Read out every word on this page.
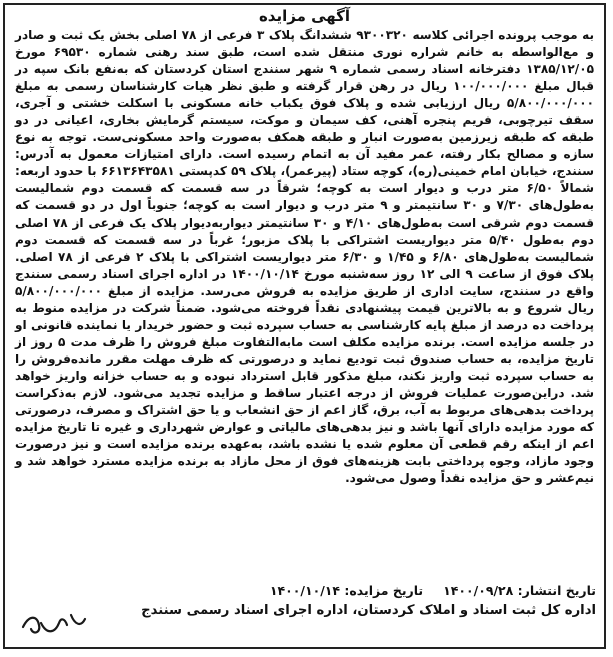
آگهی مزایده

به موجب پرونده اجرائی کلاسه ۹۳۰۰۳۲۰ ششدانگ پلاک ۳ فرعی از ۷۸ اصلی بخش یک ثبت و صادر و مع‌الواسطه به خانم شراره نوری منتقل شده است، طبق سند رهنی شماره ۶۹۵۳۰ مورخ ۱۳۸۵/۱۲/۰۵ دفترخانه اسناد رسمی شماره ۹ شهر سنندج استان کردستان که به‌نفع بانک سپه در قبال مبلغ ۱۰۰/۰۰۰/۰۰۰ ریال در رهن قرار گرفته و طبق نظر هیات کارشناسان رسمی به مبلغ ۵/۸۰۰/۰۰۰/۰۰۰ ریال ارزیابی شده و پلاک فوق یکباب خانه مسکونی با اسکلت خشتی و آجری، سقف تیرچوبی، فریم پنجره آهنی، کف سیمان و موکت، سیستم گرمایش بخاری، اعیانی در دو طبقه که طبقه زیرزمین به‌صورت انبار و طبقه همکف به‌صورت واحد مسکونی‌ست. توجه به نوع سازه و مصالح بکار رفته، عمر مفید آن به اتمام رسیده است. دارای امتیازات معمول به آدرس: سنندج، خیابان امام خمینی(ره)، کوچه ستاد (پیرعمر)، پلاک ۵۹ کدپستی ۶۶۱۳۶۴۳۵۸۱ با حدود اربعه: شمالاً ۶/۵۰ متر درب و دیوار است به کوچه؛ شرقاً در سه قسمت که قسمت دوم شمالیست به‌طول‌های ۷/۳۰ و ۳۰ سانتیمتر و ۹ متر درب و دیوار است به کوچه؛ جنوباً اول در دو قسمت که قسمت دوم شرقی است به‌طول‌های ۴/۱۰ و ۳۰ سانتیمتر دیواربه‌دیوار پلاک یک فرعی از ۷۸ اصلی دوم به‌طول ۵/۴۰ متر دیواریست اشتراکی با پلاک مزبور؛ غرباً در سه قسمت که قسمت دوم شمالیست به‌طول‌های ۶/۸۰ و ۱/۴۵ و ۶/۳۰ متر دیواریست اشتراکی با پلاک ۲ فرعی از ۷۸ اصلی. پلاک فوق از ساعت ۹ الی ۱۲ روز سه‌شنبه مورخ ۱۴۰۰/۱۰/۱۴ در اداره اجرای اسناد رسمی سنندج واقع در سنندج، سایت اداری از طریق مزایده به فروش می‌رسد. مزایده از مبلغ ۵/۸۰۰/۰۰۰/۰۰۰ ریال شروع و به بالاترین قیمت پیشنهادی نقداً فروخته می‌شود. ضمناً شرکت در مزایده منوط به پرداخت ده درصد از مبلغ پایه کارشناسی به حساب سپرده ثبت و حضور خریدار یا نماینده قانونی او در جلسه مزایده است. برنده مزایده مکلف است مابه‌التفاوت مبلغ فروش را ظرف مدت ۵ روز از تاریخ مزایده، به حساب صندوق ثبت تودیع نماید و درصورتی که ظرف مهلت مقرر مانده‌فروش را به حساب سپرده ثبت واریز نکند، مبلغ مذکور قابل استرداد نبوده و به حساب خزانه واریز خواهد شد. دراین‌صورت عملیات فروش از درجه اعتبار ساقط و مزایده تجدید می‌شود. لازم به‌ذکراست پرداخت بدهی‌های مربوط به آب، برق، گاز اعم از حق انشعاب و یا حق اشتراک و مصرف، درصورتی که مورد مزایده دارای آنها باشد و نیز بدهی‌های مالیاتی و عوارض شهرداری و غیره تا تاریخ مزایده اعم از اینکه رقم قطعی آن معلوم شده یا نشده باشد، به‌عهده برنده مزایده است و نیز درصورت وجود مازاد، وجوه پرداختی بابت هزینه‌های فوق از محل مازاد به برنده مزایده مسترد خواهد شد و نیم‌عشر و حق مزایده نقداً وصول می‌شود.

تاریخ انتشار: ۱۴۰۰/۰۹/۲۸
تاریخ مزایده: ۱۴۰۰/۱۰/۱۴
اداره کل ثبت اسناد و املاک کردستان، اداره اجرای اسناد رسمی سنندج
